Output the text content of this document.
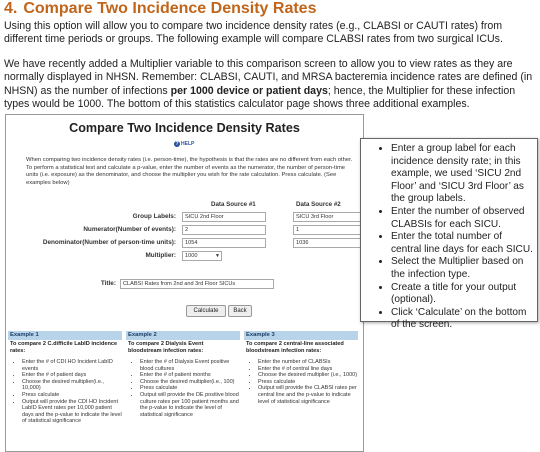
4. Compare Two Incidence Density Rates
Using this option will allow you to compare two incidence density rates (e.g., CLABSI or CAUTI rates) from different time periods or groups. The following example will compare CLABSI rates from two surgical ICUs.
We have recently added a Multiplier variable to this comparison screen to allow you to view rates as they are normally displayed in NHSN. Remember: CLABSI, CAUTI, and MRSA bacteremia incidence rates are defined (in NHSN) as the number of infections per 1000 device or patient days; hence, the Multiplier for these infection types would be 1000. The bottom of this statistics calculator page shows three additional examples.
Compare Two Incidence Density Rates
? HELP
When comparing two incidence density rates (i.e. person-time), the hypothesis is that the rates are no different from each other. To perform a statistical test and calculate a p-value, enter the number of events as the numerator, the number of person-time units (i.e. exposure) as the denominator, and choose the multiplier you wish for the rate calculation. Press calculate. (See examples below)
Data Source #1	Data Source #2
Group Labels:	SICU 2nd Floor	SICU 3rd Floor
Numerator(Number of events):	2	1
Denominator(Number of person-time units):	1054	1036
Multiplier:	1000	▼
Title:	CLABSI Rates from 2nd and 3rd Floor SICUs
Calculate	Back
Example 1
To compare 2 C.difficile LabID incidence rates:
• Enter the # of CDI HO Incident LabID events
• Enter the # of patient days
• Choose the desired multiplier(i.e., 10,000)
• Press calculate
• Output will provide the CDI HO Incident LabID Event rates per 10,000 patient days and the p-value to indicate the level of statistical significance
Example 2
To compare 2 Dialysis Event bloodstream infection rates:
• Enter the # of Dialysis Event positive blood cultures
• Enter the # of patient months
• Choose the desired multiplier(i.e., 100)
• Press calculate
• Output will provide the DE positive blood culture rates per 100 patient months and the p-value to indicate the level of statistical significance
Example 3
To compare 2 central-line associated bloodstream infection rates:
• Enter the number of CLABSIs
• Enter the # of central line days
• Choose the desired multiplier (i.e., 1000)
• Press calculate
• Output will provide the CLABSI rates per central line and the p-value to indicate level of statistical significance
• Enter a group label for each incidence density rate; in this example, we used ‘SICU 2nd Floor’ and ‘SICU 3rd Floor’ as the group labels.
• Enter the number of observed CLABSIs for each SICU.
• Enter the total number of central line days for each SICU.
• Select the Multiplier based on the infection type.
• Create a title for your output (optional).
• Click ‘Calculate’ on the bottom of the screen.
